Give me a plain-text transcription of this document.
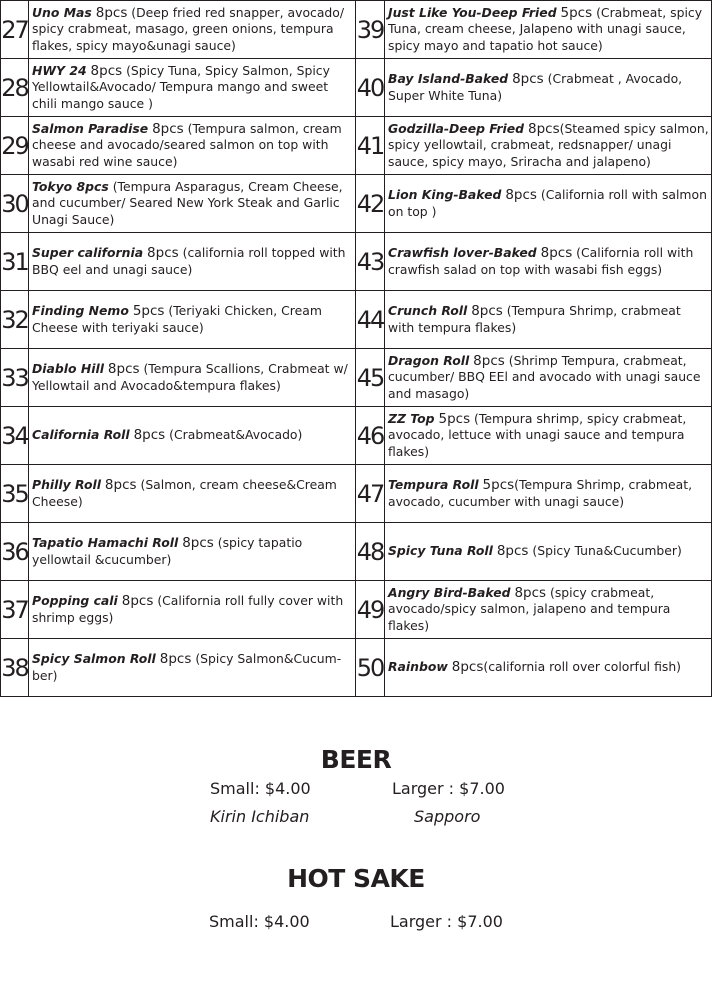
27	Uno Mas 8pcs (Deep fried red snapper, avocado/ spicy crabmeat, masago, green onions, tempura flakes, spicy mayo&unagi sauce)	39	Just Like You-Deep Fried 5pcs (Crabmeat, spicy Tuna, cream cheese, Jalapeno with unagi sauce, spicy mayo and tapatio hot sauce)
28	HWY 24 8pcs (Spicy Tuna, Spicy Salmon, Spicy Yellowtail&Avocado/ Tempura mango and sweet chili mango sauce )	40	Bay Island-Baked 8pcs (Crabmeat , Avocado, Super White Tuna)
29	Salmon Paradise 8pcs (Tempura salmon, cream cheese and avocado/seared salmon on top with wasabi red wine sauce)	41	Godzilla-Deep Fried 8pcs(Steamed spicy salmon, spicy yellowtail, crabmeat, redsnapper/ unagi sauce, spicy mayo, Sriracha and jalapeno)
30	Tokyo 8pcs (Tempura Asparagus, Cream Cheese, and cucumber/ Seared New York Steak and Garlic Unagi Sauce)	42	Lion King-Baked 8pcs (California roll with salmon on top )
31	Super california 8pcs (california roll topped with BBQ eel and unagi sauce)	43	Crawfish lover-Baked 8pcs (California roll with crawfish salad on top with wasabi fish eggs)
32	Finding Nemo 5pcs (Teriyaki Chicken, Cream Cheese with teriyaki sauce)	44	Crunch Roll 8pcs (Tempura Shrimp, crabmeat with tempura flakes)
33	Diablo Hill 8pcs (Tempura Scallions, Crabmeat w/ Yellowtail and Avocado&tempura flakes)	45	Dragon Roll 8pcs (Shrimp Tempura, crabmeat, cucumber/ BBQ EEl and avocado with unagi sauce and masago)
34	California Roll 8pcs (Crabmeat&Avocado)	46	ZZ Top 5pcs (Tempura shrimp, spicy crabmeat, avocado, lettuce with unagi sauce and tempura flakes)
35	Philly Roll 8pcs (Salmon, cream cheese&Cream Cheese)	47	Tempura Roll 5pcs(Tempura Shrimp, crabmeat, avocado, cucumber with unagi sauce)
36	Tapatio Hamachi Roll 8pcs (spicy tapatio yellowtail &cucumber)	48	Spicy Tuna Roll 8pcs (Spicy Tuna&Cucumber)
37	Popping cali 8pcs (California roll fully cover with shrimp eggs)	49	Angry Bird-Baked 8pcs (spicy crabmeat, avocado/spicy salmon, jalapeno and tempura flakes)
38	Spicy Salmon Roll 8pcs (Spicy Salmon&Cucum-ber)	50	Rainbow 8pcs(california roll over colorful fish)
BEER
Small: $4.00	Larger : $7.00
Kirin Ichiban	Sapporo
HOT SAKE
Small: $4.00	Larger : $7.00
